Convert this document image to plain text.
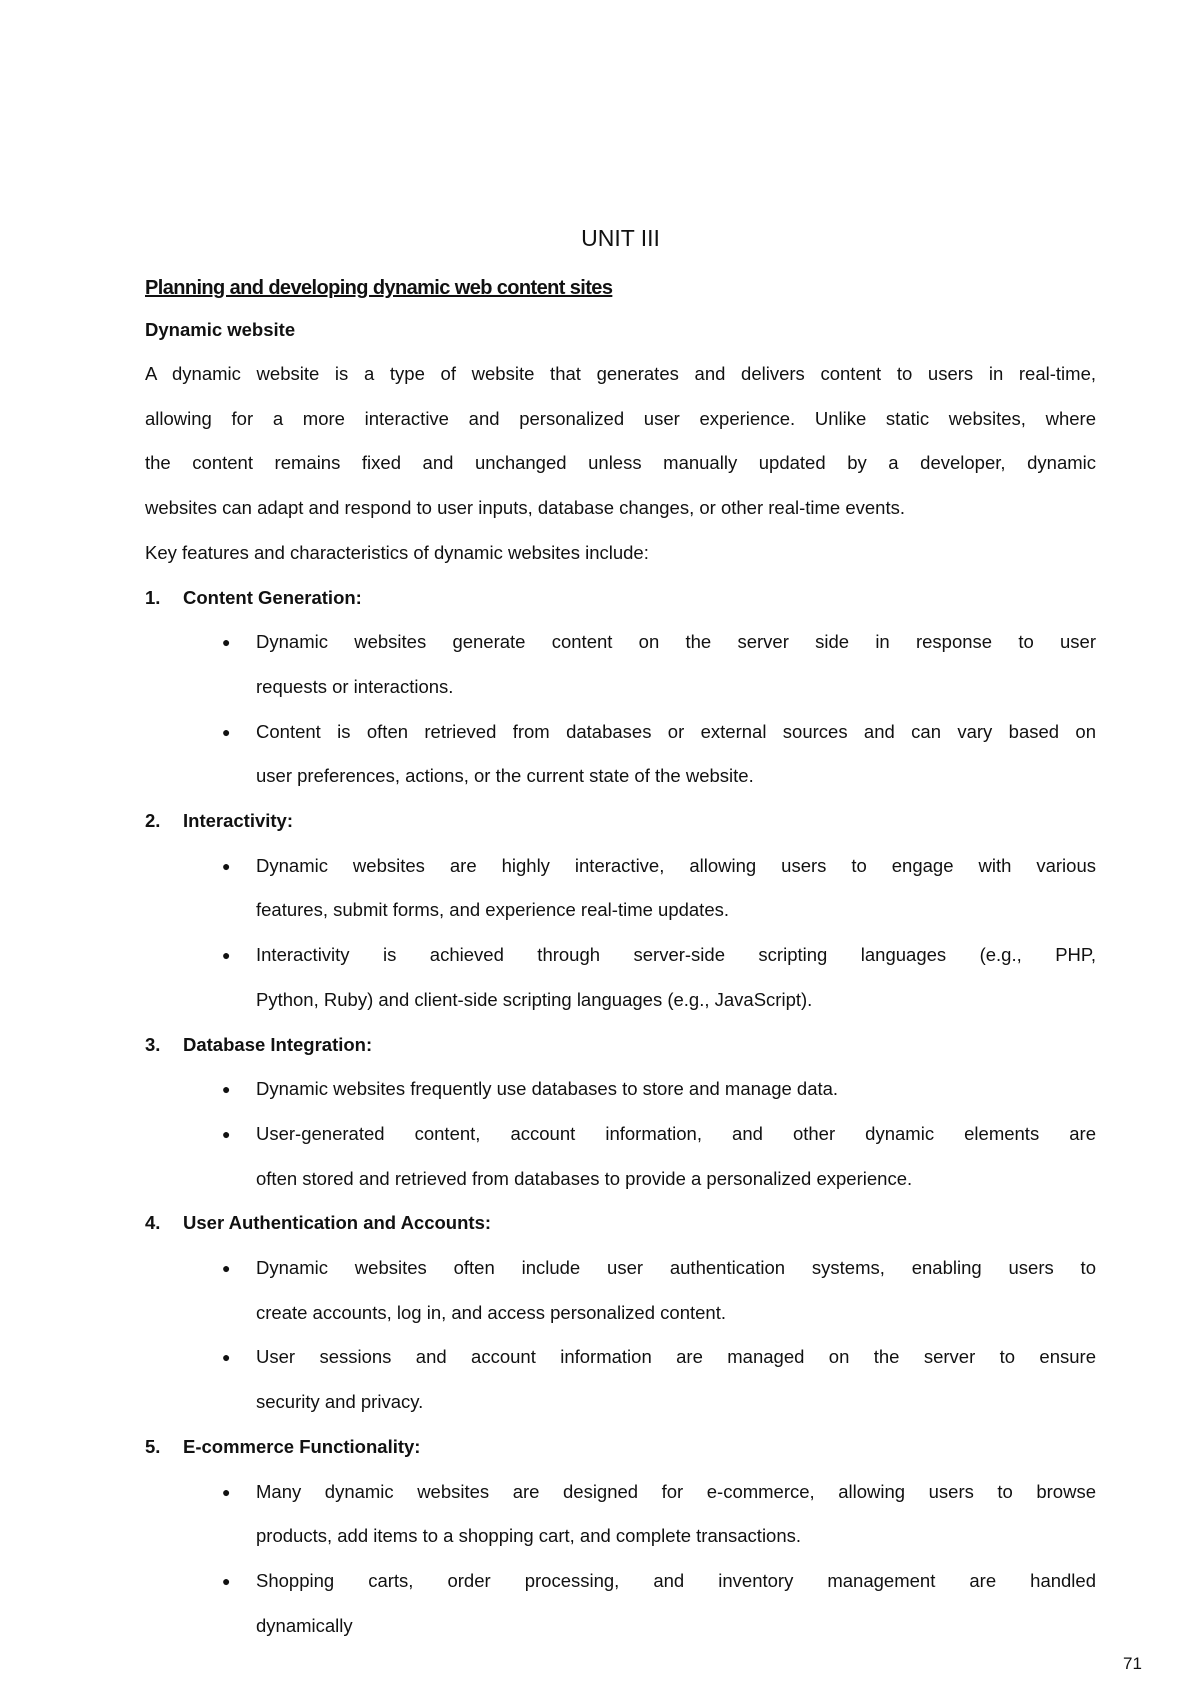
UNIT III
Planning and developing dynamic web content sites
Dynamic website
A dynamic website is a type of website that generates and delivers content to users in real-time,
allowing for a more interactive and personalized user experience. Unlike static websites, where
the content remains fixed and unchanged unless manually updated by a developer, dynamic
websites can adapt and respond to user inputs, database changes, or other real-time events.
Key features and characteristics of dynamic websites include:
1. Content Generation:
● Dynamic websites generate content on the server side in response to user
requests or interactions.
● Content is often retrieved from databases or external sources and can vary based on
user preferences, actions, or the current state of the website.
2. Interactivity:
● Dynamic websites are highly interactive, allowing users to engage with various
features, submit forms, and experience real-time updates.
● Interactivity is achieved through server-side scripting languages (e.g., PHP,
Python, Ruby) and client-side scripting languages (e.g., JavaScript).
3. Database Integration:
● Dynamic websites frequently use databases to store and manage data.
● User-generated content, account information, and other dynamic elements are
often stored and retrieved from databases to provide a personalized experience.
4. User Authentication and Accounts:
● Dynamic websites often include user authentication systems, enabling users to
create accounts, log in, and access personalized content.
● User sessions and account information are managed on the server to ensure
security and privacy.
5. E-commerce Functionality:
● Many dynamic websites are designed for e-commerce, allowing users to browse
products, add items to a shopping cart, and complete transactions.
● Shopping carts, order processing, and inventory management are handled
dynamically
71
